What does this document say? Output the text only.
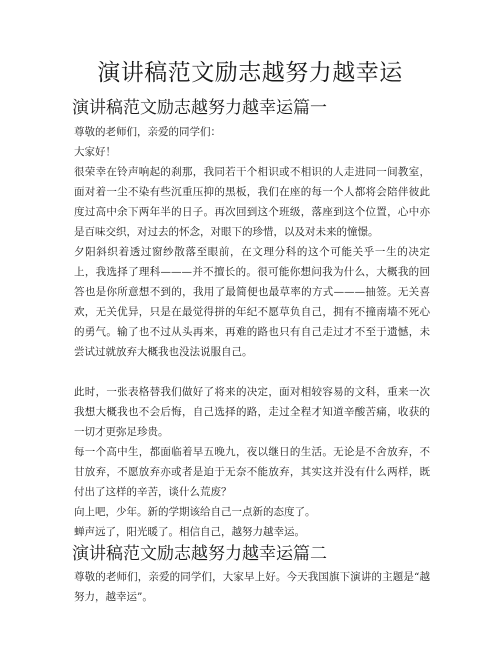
演讲稿范文励志越努力越幸运
演讲稿范文励志越努力越幸运篇一

尊敬的老师们，亲爱的同学们：

大家好！

很荣幸在铃声响起的刹那，我同若干个相识或不相识的人走进同一间教室，面对着一尘不染有些沉重压抑的黑板，我们在座的每一个人都将会陪伴彼此度过高中余下两年半的日子。再次回到这个班级，落座到这个位置，心中亦是百味交织，对过去的怀念，对眼下的珍惜，以及对未来的憧憬。

夕阳斜织着透过窗纱散落至眼前，在文理分科的这个可能关乎一生的决定上，我选择了理科———并不擅长的。很可能你想问我为什么，大概我的回答也是你所意想不到的，我用了最简便也最草率的方式———抽签。无关喜欢，无关优异，只是在最觉得拼的年纪不愿草负自己，拥有不撞南墙不死心的勇气。输了也不过从头再来，再难的路也只有自己走过才不至于遗憾，未尝试过就放弃大概我也没法说服自己。

此时，一张表格替我们做好了将来的决定，面对相较容易的文科，重来一次我想大概我也不会后悔，自己选择的路，走过全程才知道辛酸苦痛，收获的一切才更弥足珍贵。

每一个高中生，都面临着早五晚九，夜以继日的生活。无论是不舍放弃，不甘放弃，不愿放弃亦或者是迫于无奈不能放弃，其实这并没有什么两样，既付出了这样的辛苦，谈什么荒废？

向上吧，少年。新的学期该给自己一点新的态度了。

蝉声远了，阳光暖了。相信自己，越努力越幸运。

演讲稿范文励志越努力越幸运篇二

尊敬的老师们，亲爱的同学们，大家早上好。今天我国旗下演讲的主题是“越努力，越幸运”。
